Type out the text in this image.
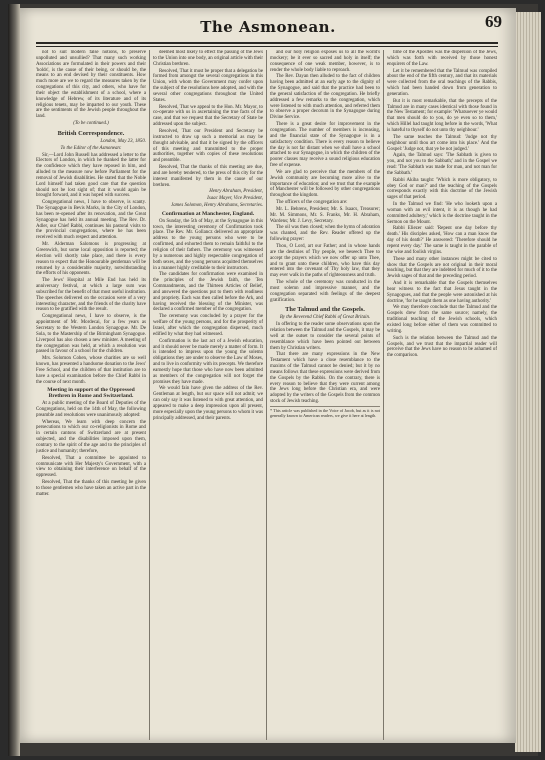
The Asmonean.	69

not to suit modern false notions, to preserve unpolluted and unsullied? That many such working Associations are formulated in their powers and their 'holds', is the cause of their being, or should be, the means to an end devised by their constituents. How much more are we to regard the measures taken by the congregations of this city, and others, who have for their object the establishment of a school, where a knowledge of Hebrew, of its literature and of its religious tenets, may be imparted to our youth. These are the sentiments of the Jewish people throughout the land.

(To be continued.)

British Correspondence.

London, May 23, 1850.

To the Editor of the Asmonean:

Sir,—Lord John Russell has addressed a letter to the Electors of London, in which he thanked the latter for the confidence which they have reposed in him, and alluded to the measure now before Parliament for the removal of Jewish disabilities. He stated that the Noble Lord himself had taken good care that the question should not be lost sight of; that it would again be brought forward, and it was hoped with success.

Congregational news, I have to observe, is scanty. The Synagogue in Bevis Marks, in the City of London, has been re-opened after its renovation, and the Great Synagogue has held its annual meeting. The Rev. Dr. Adler, our Chief Rabbi, continues his pastoral visits to the provincial congregations, where he has been received with much respect and attention.

Mr. Alderman Salomons is progressing at Greenwich, but some local opposition is reported; the election will shortly take place, and there is every reason to expect that the Honourable gentleman will be returned by a considerable majority, notwithstanding the efforts of his opponents.

The Jews' Hospital at Mile End has held its anniversary festival, at which a large sum was subscribed for the benefit of that most useful institution. The speeches delivered on the occasion were of a very interesting character, and the friends of the charity have reason to be gratified with the result.

Congregational news, I have to observe, is the appointment of Mr. Mordecai, for a few years as Secretary to the Western London Synagogue. Mr. De Sola, to the Mastership of the Birmingham Synagogue. Liverpool has also chosen a new minister. A meeting of the congregation was held, at which a resolution was passed in favour of a school for the children.

Mrs. Solomon Cohen, whose charities are so well known, has presented a handsome donation to the Jews' Free School, and the children of that institution are to have a special examination before the Chief Rabbi in the course of next month.

Meeting in support of the Oppressed Brethren in Rome and Switzerland.

At a public meeting of the Board of Deputies of the Congregations, held on the 14th of May, the following preamble and resolutions were unanimously adopted:

Whereas, We learn with deep concern the persecutions to which our co-religionists in Rome and in certain cantons of Switzerland are at present subjected, and the disabilities imposed upon them, contrary to the spirit of the age and to the principles of justice and humanity; therefore,

Resolved, That a committee be appointed to communicate with Her Majesty's Government, with a view to obtaining their interference on behalf of the oppressed.

Resolved, That the thanks of this meeting be given to those gentlemen who have taken an active part in the matter.

deemed most likely to effect the passing of the Jews to the Union into one body, an original article with their Christian brethren.

Resolved, That it must be proper that a delegation be formed from amongst the several congregations in this Union, with whom the Government may confer upon the subject of the resolutions here adopted, and with the several other congregations throughout the United States.

Resolved, That we appeal to the Hon. Mr. Mayor, to co-operate with us in ascertaining the true facts of the case, and that we request that the Secretary of State be addressed upon the subject.

Resolved, That our President and Secretary be instructed to draw up such a memorial as may be thought advisable, and that it be signed by the officers of this meeting and transmitted to the proper authorities, together with copies of these resolutions and preamble.

Resolved, That the thanks of this meeting are due, and are hereby tendered, to the press of this city for the interest manifested by them in the cause of our brethren.

Henry Abraham, President,

Isaac Mayer, Vice President,

James Solomon, Henry Abrahams, Secretaries.

Confirmation at Manchester, England.

On Sunday, the 5th of May, at the Synagogue in this town, the interesting ceremony of Confirmation took place. The Rev. Mr. Gollancz delivered an appropriate address to the young persons who were to be confirmed, and exhorted them to remain faithful to the religion of their fathers. The ceremony was witnessed by a numerous and highly respectable congregation of both sexes, and the young persons acquitted themselves in a manner highly creditable to their instructors.

The candidates for confirmation were examined in the principles of the Jewish faith, the Ten Commandments, and the Thirteen Articles of Belief, and answered the questions put to them with readiness and propriety. Each was then called before the Ark, and having received the blessing of the Minister, was declared a confirmed member of the congregation.

The ceremony was concluded by a prayer for the welfare of the young persons, and for the prosperity of Israel, after which the congregation dispersed, much edified by what they had witnessed.

Confirmation is the last act of a Jewish education, and it should never be made merely a matter of form. It is intended to impress upon the young the solemn obligations they are under to observe the Law of Moses, and to live in conformity with its precepts. We therefore earnestly hope that those who have now been admitted as members of the congregation will not forget the promises they have made.

We would fain have given the address of the Rev. Gentleman at length, but our space will not admit; we can only say it was listened to with great attention, and appeared to make a deep impression upon all present, more especially upon the young persons to whom it was principally addressed, and their parents.

and our holy religion exposes us to all the world's mockery; be it ever so sacred and holy in itself; the consequence of one weak member, however, is to render the whole body liable to reproach.

The Rev. Dayan then alluded to the fact of children having been admitted at an early age to the dignity of the Synagogue, and said that the practice had been to the general satisfaction of the congregation. He briefly addressed a few remarks to the congregation, which were listened to with much attention, and referred them to observe a proper decorum in the Synagogue during Divine Service.

There is a great desire for improvement in the congregation. The number of members is increasing, and the financial state of the Synagogue is in a satisfactory condition. There is every reason to believe the day is not far distant when we shall have a school attached to our Synagogue, in which the children of the poorer classes may receive a sound religious education free of expense.

We are glad to perceive that the members of the Jewish community are becoming more alive to the importance of education; and we trust that the example of Manchester will be followed by other congregations throughout the kingdom.

The officers of the congregation are:

Mr. L. Behrens, President; Mr. S. Isaacs, Treasurer; Mr. M. Simmons, Mr. S. Franks, Mr. H. Abraham, Wardens; Mr. J. Levy, Secretary.

The oil was then closed; when the hymn of adoration was chanted, and the Rev. Reader offered up the following prayer:

Thou, O Lord, art our Father; and in whose hands are the destinies of Thy people, we beseech Thee to accept the prayers which we now offer up unto Thee, and to grant unto these children, who have this day entered into the covenant of Thy holy law, that they may ever walk in the paths of righteousness and truth.

The whole of the ceremony was conducted in the most solemn and impressive manner, and the congregation separated with feelings of the deepest gratification.

The Talmud and the Gospels.

By the Reverend Chief Rabbi of Great Britain.

In offering to the reader some observations upon the relation between the Talmud and the Gospels, it may be well at the outset to consider the several points of resemblance which have been pointed out between them by Christian writers.

That there are many expressions in the New Testament which have a close resemblance to the maxims of the Talmud cannot be denied; but it by no means follows that these expressions were derived from the Gospels by the Rabbis. On the contrary, there is every reason to believe that they were current among the Jews long before the Christian era, and were adopted by the writers of the Gospels from the common stock of Jewish teaching.

* This article was published in the Voice of Jacob, but as it is not generally known to American readers, we give it here at length.

time of the Apostles was the dispersion of the Jews, which was forth with received by those honest enquirers of the Law.

Let it be remembered that the Talmud was compiled about the end of the fifth century, and that its materials were collected from the oral teachings of the Rabbis, which had been handed down from generation to generation.

But it is most remarkable, that the precepts of the Talmud are in many cases identical with those found in the New Testament; for example: 'Whatsoever ye would that men should do to you, do ye even so to them,' which Hillel had taught long before in the words, 'What is hateful to thyself do not unto thy neighbour.'

The same teaches the Talmud: 'Judge not thy neighbour until thou art come into his place.' And the Gospel: 'Judge not, that ye be not judged.'

Again, the Talmud says: 'The Sabbath is given to you, and not you to the Sabbath;' and in the Gospel we read: 'The Sabbath was made for man, and not man for the Sabbath.'

Rabbi Akiba taught: 'Which is more obligatory, to obey God or man?' and the teaching of the Gospels corresponds exactly with this doctrine of the Jewish sages of that period.

In the Talmud we find: 'He who looketh upon a woman with an evil intent, it is as though he had committed adultery;' which is the doctrine taught in the Sermon on the Mount.

Rabbi Eliezer said: 'Repent one day before thy death.' His disciples asked, 'How can a man know the day of his death?' He answered: 'Therefore should he repent every day.' The same is taught in the parable of the wise and foolish virgins.

These and many other instances might be cited to show that the Gospels are not original in their moral teaching, but that they are indebted for much of it to the Jewish sages of that and the preceding period.

And it is remarkable that the Gospels themselves bear witness to the fact that Jesus taught in the Synagogues, and that the people were astonished at his doctrine, 'for he taught them as one having authority.'

We may therefore conclude that the Talmud and the Gospels drew from the same source; namely, the traditional teaching of the Jewish schools, which existed long before either of them was committed to writing.

Such is the relation between the Talmud and the Gospels, and we trust that the impartial reader will perceive that the Jews have no reason to be ashamed of the comparison.
